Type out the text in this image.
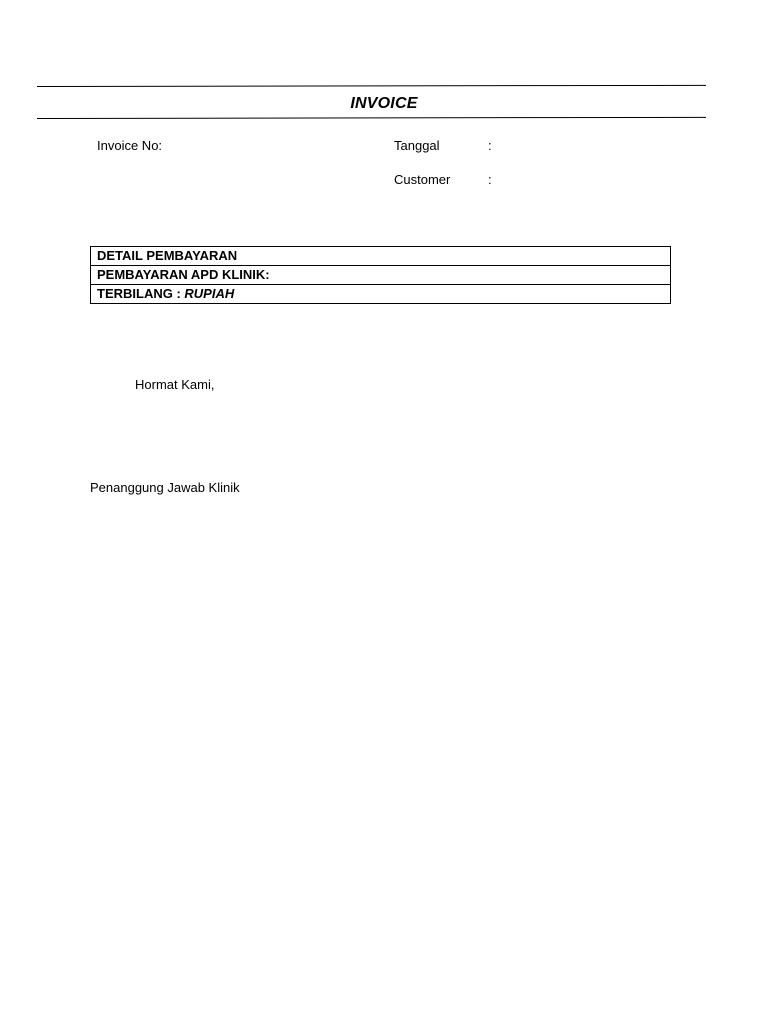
INVOICE
Invoice No:	Tanggal	:
Customer	:
DETAIL PEMBAYARAN
PEMBAYARAN APD KLINIK:
TERBILANG : RUPIAH
Hormat Kami,
Penanggung Jawab Klinik
